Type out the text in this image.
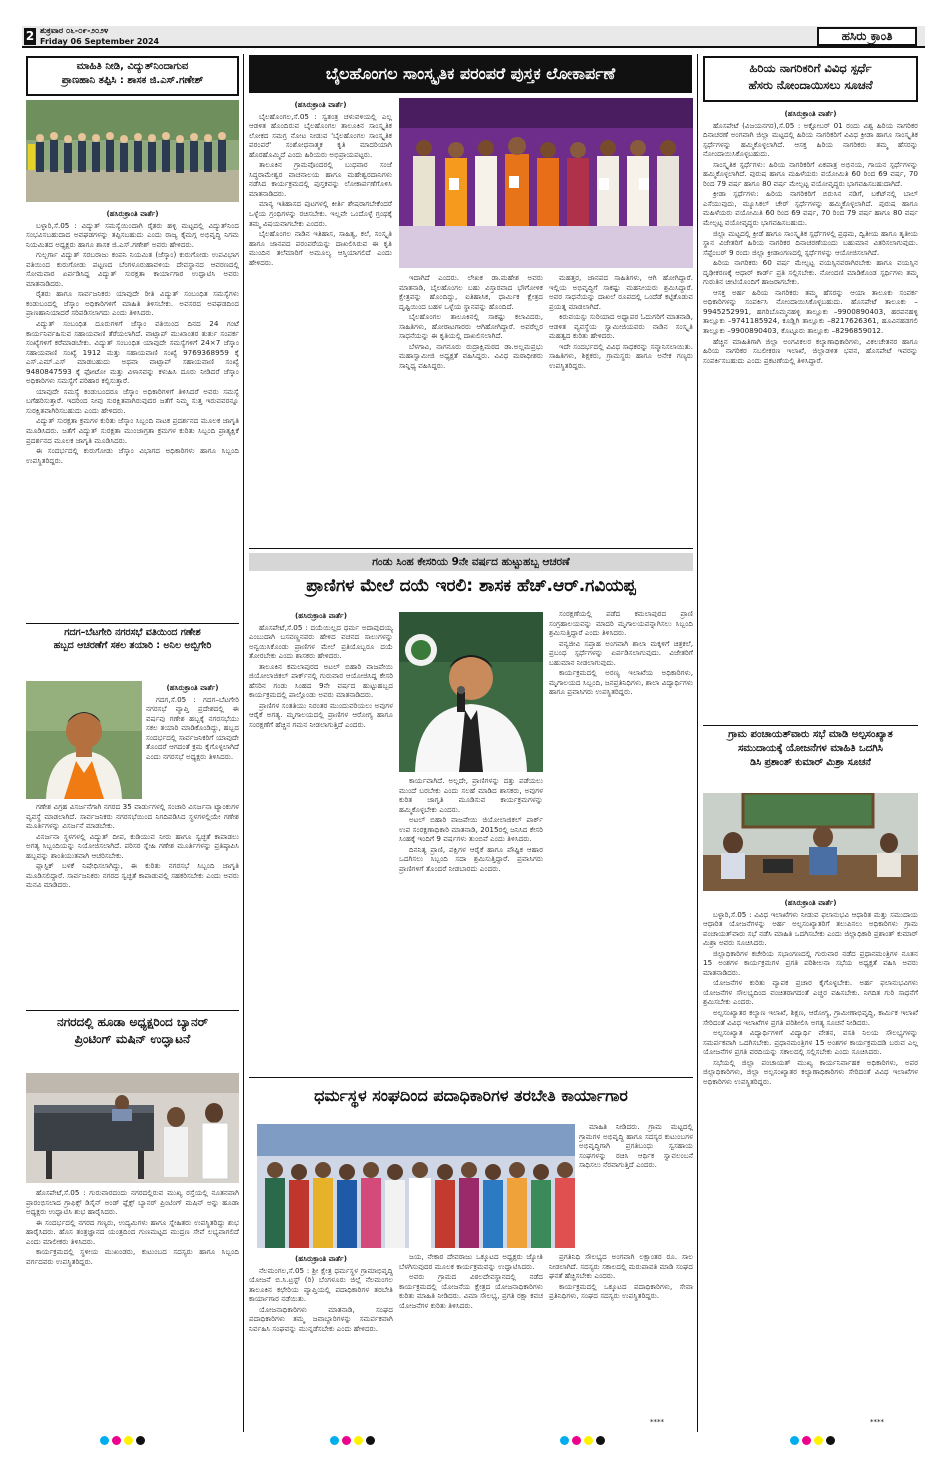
2 ಶುಕ್ರವಾರ ೦೬-೦೯-೨೦೨೪
Friday 06 September 2024	ಹಸಿರು ಕ್ರಾಂತಿ
ಮಾಹಿತಿ ನೀಡಿ, ವಿದ್ಯುತ್‌ನಿಂದಾಗುವ
ಪ್ರಾಣಹಾನಿ ತಪ್ಪಿಸಿ : ಶಾಸಕ ಜಿ.ಎಸ್.ಗಣೇಶ್
(ಹಸಿರುಕ್ರಾಂತಿ ವಾರ್ತೆ)

ಬಳ್ಳಾರಿ,ಸೆ.05 : ವಿದ್ಯುತ್ ಸಮಸ್ಯೆಯಿಂದಾಗಿ ರೈತರು ಹಳ್ಳಿ ಮಟ್ಟದಲ್ಲಿ ವಿದ್ಯುತ್‌ನಿಂದ ಸಂಭವಿಸಬಹುದಾದ ಅವಘಡಗಳನ್ನು ತಪ್ಪಿಸಬಹುದು ಎಂದು ರಾಜ್ಯ ಕೈಮಗ್ಗ ಅಭಿವೃದ್ಧಿ ನಿಗಮ ನಿಯಮಿತದ ಅಧ್ಯಕ್ಷರು ಹಾಗೂ ಶಾಸಕ ಜಿ.ಎಸ್.ಗಣೇಶ್ ಅವರು ಹೇಳಿದರು.

ಗುಲ್ಬರ್ಗಾ ವಿದ್ಯುತ್ ಸರಬರಾಜು ಕಂಪನಿ ನಿಯಮಿತ (ಜೆಸ್ಕಾಂ) ಕುರುಗೋಡು ಉಪವಿಭಾಗ ವತಿಯಿಂದ ಕುರುಗೋಡು ಪಟ್ಟಣದ ಬೆಂಗಳೂರುಹಾವಳಿಯ ದೇವಸ್ಥಾನದ ಆವರಣದಲ್ಲಿ ಸೋಮವಾರ ಏರ್ಪಡಿಸಿದ್ದ ವಿದ್ಯುತ್ ಸುರಕ್ಷತಾ ಕಾರ್ಯಾಗಾರ ಉದ್ಘಾಟಿಸಿ ಅವರು ಮಾತನಾಡಿದರು.

ರೈತರು ಹಾಗೂ ಸಾರ್ವಜನಿಕರು ಯಾವುದೇ ರೀತಿ ವಿದ್ಯುತ್ ಸಂಬಂಧಿತ ಸಮಸ್ಯೆಗಳು ಕಂಡುಬಂದಲ್ಲಿ ಜೆಸ್ಕಾಂ ಅಧಿಕಾರಿಗಳಿಗೆ ಮಾಹಿತಿ ತಿಳಿಸಬೇಕು. ಅವಸರದ ಅವಘಡದಿಂದ ಪ್ರಾಣಹಾನಿಯಾದರೆ ಸರಿಪಡಿಸಲಾಗದು ಎಂದು ತಿಳಿಸಿದರು.

ವಿದ್ಯುತ್ ಸಂಬಂಧಿತ ದೂರುಗಳಿಗೆ ಜೆಸ್ಕಾಂ ವತಿಯಿಂದ ದಿನದ 24 ಗಂಟೆ ಕಾರ್ಯನಿರ್ವಹಿಸುವ ಸಹಾಯವಾಣಿ ತೆರೆಯಲಾಗಿದೆ. ವಾಟ್ಸಾಪ್ ಮುಖಾಂತರ ತುರ್ತು ಸಂಪರ್ಕ ಸಂಖ್ಯೆಗಳಿಗೆ ಕರೆಮಾಡಬೇಕು. ವಿದ್ಯುತ್ ಸಂಬಂಧಿತ ಯಾವುದೇ ಸಮಸ್ಯೆಗಳಿಗೆ 24×7 ಜೆಸ್ಕಾಂ ಸಹಾಯವಾಣಿ ಸಂಖ್ಯೆ 1912 ಮತ್ತು ಸಹಾಯವಾಣಿ ಸಂಖ್ಯೆ 9769368959 ಕ್ಕೆ ಎಸ್.ಎಮ್.ಎಸ್ ಮಾಡಬಹುದು ಅಥವಾ ವಾಟ್ಸಾಪ್ ಸಹಾಯವಾಣಿ ಸಂಖ್ಯೆ 9480847593 ಕ್ಕೆ ಫೋಟೋ ಮತ್ತು ವಿಳಾಸವನ್ನು ಕಳುಹಿಸಿ ದೂರು ನೀಡಿದರೆ ಜೆಸ್ಕಾಂ ಅಧಿಕಾರಿಗಳು ಸಮಸ್ಯೆಗೆ ಪರಿಹಾರ ಕಲ್ಪಿಸುತ್ತಾರೆ.

ಯಾವುದೇ ಸಮಸ್ಯೆ ಕಂಡುಬಂದರೂ ಜೆಸ್ಕಾಂ ಅಧಿಕಾರಿಗಳಿಗೆ ತಿಳಿಸಿದರೆ ಅವರು ಸಮಸ್ಯೆ ಬಗೆಹರಿಸುತ್ತಾರೆ. ಇದರಿಂದ ನೀವು ಸುರಕ್ಷಿತವಾಗಿರುವುದರ ಜತೆಗೆ ನಿಮ್ಮ ಸುತ್ತ ಇರುವವರನ್ನೂ ಸುರಕ್ಷಿತವಾಗಿರಿಸಬಹುದು ಎಂದು ಹೇಳಿದರು.

ವಿದ್ಯುತ್ ಸುರಕ್ಷತಾ ಕ್ರಮಗಳ ಕುರಿತು ಜೆಸ್ಕಾಂ ಸಿಬ್ಬಂದಿ ನಾಟಕ ಪ್ರದರ್ಶನದ ಮೂಲಕ ಜಾಗೃತಿ ಮೂಡಿಸಿದರು. ಜತೆಗೆ ವಿದ್ಯುತ್ ಸುರಕ್ಷತಾ ಮುಂಜಾಗ್ರತಾ ಕ್ರಮಗಳ ಕುರಿತು ಸಿಬ್ಬಂದಿ ಪ್ರಾತ್ಯಕ್ಷಿಕೆ ಪ್ರದರ್ಶನದ ಮೂಲಕ ಜಾಗೃತಿ ಮೂಡಿಸಿದರು.

ಈ ಸಂದರ್ಭದಲ್ಲಿ ಕುರುಗೋಡು ಜೆಸ್ಕಾಂ ವಿಭಾಗದ ಅಧಿಕಾರಿಗಳು ಹಾಗೂ ಸಿಬ್ಬಂದಿ ಉಪಸ್ಥಿತರಿದ್ದರು.

ಗದಗ–ಬೆಟಗೇರಿ ನಗರಸಭೆ ವತಿಯಿಂದ ಗಣೇಶ
ಹಬ್ಬದ ಆಚರಣೆಗೆ ಸಕಲ ತಯಾರಿ : ಅನಿಲ ಅಬ್ಬಿಗೇರಿ
(ಹಸಿರುಕ್ರಾಂತಿ ವಾರ್ತೆ)

ಗದಗ,ಸೆ.05 : ಗದಗ–ಬೆಟಗೇರಿ ನಗರಸಭೆ ವ್ಯಾಪ್ತಿ ಪ್ರದೇಶದಲ್ಲಿ ಈ ವರ್ಷವು ಗಣೇಶ ಹಬ್ಬಕ್ಕೆ ನಗರಸಭೆಯು ಸಕಲ ತಯಾರಿ ಮಾಡಿಕೊಂಡಿದ್ದು, ಹಬ್ಬದ ಸಂದರ್ಭದಲ್ಲಿ ಸಾರ್ವಜನಿಕರಿಗೆ ಯಾವುದೇ ತೊಂದರೆ ಆಗದಂತೆ ಕ್ರಮ ಕೈಗೊಳ್ಳಲಾಗಿದೆ ಎಂದು ನಗರಸಭೆ ಅಧ್ಯಕ್ಷರು ತಿಳಿಸಿದರು.

ಗಣೇಶ ವಿಗ್ರಹ ವಿಸರ್ಜನೆಗಾಗಿ ನಗರದ 35 ವಾರ್ಡುಗಳಲ್ಲಿ ಸಂಚಾರಿ ವಿಸರ್ಜನಾ ಟ್ಯಾಂಕುಗಳ ವ್ಯವಸ್ಥೆ ಮಾಡಲಾಗಿದೆ. ಸಾರ್ವಜನಿಕರು ನಗರಸಭೆಯಿಂದ ನಿಗದಿಪಡಿಸಿದ ಸ್ಥಳಗಳಲ್ಲಿಯೇ ಗಣೇಶ ಮೂರ್ತಿಗಳನ್ನು ವಿಸರ್ಜನೆ ಮಾಡಬೇಕು.

ವಿಸರ್ಜನಾ ಸ್ಥಳಗಳಲ್ಲಿ ವಿದ್ಯುತ್ ದೀಪ, ಕುಡಿಯುವ ನೀರು ಹಾಗೂ ಸ್ವಚ್ಛತೆ ಕಾಪಾಡಲು ಅಗತ್ಯ ಸಿಬ್ಬಂದಿಯನ್ನು ನಿಯೋಜಿಸಲಾಗಿದೆ. ಪರಿಸರ ಸ್ನೇಹಿ ಗಣೇಶ ಮೂರ್ತಿಗಳನ್ನು ಪ್ರತಿಷ್ಠಾಪಿಸಿ ಹಬ್ಬವನ್ನು ಶಾಂತಿಯುತವಾಗಿ ಆಚರಿಸಬೇಕು.

ಪ್ಲಾಸ್ಟಿಕ್ ಬಳಕೆ ನಿಷೇಧಿಸಲಾಗಿದ್ದು, ಈ ಕುರಿತು ನಗರಸಭೆ ಸಿಬ್ಬಂದಿ ಜಾಗೃತಿ ಮೂಡಿಸಲಿದ್ದಾರೆ. ಸಾರ್ವಜನಿಕರು ನಗರದ ಸ್ವಚ್ಛತೆ ಕಾಪಾಡುವಲ್ಲಿ ಸಹಕರಿಸಬೇಕು ಎಂದು ಅವರು ಮನವಿ ಮಾಡಿದರು.

ನಗರದಲ್ಲಿ ಹೂಡಾ ಅಧ್ಯಕ್ಷರಿಂದ ಬ್ಯಾನರ್
ಪ್ರಿಂಟಿಂಗ್ ಮಷಿನ್ ಉದ್ಘಾಟನೆ

ಹೊಸಪೇಟೆ,ಸೆ.05 : ಗುರುವಾರದಂದು ನಗರದಲ್ಲಿರುವ ಮುಖ್ಯ ರಸ್ತೆಯಲ್ಲಿ ನೂತನವಾಗಿ ಪ್ರಾರಂಭಿಸಲಾದ ಗ್ರಾಫಿಕ್ಸ್ ಡಿಸೈನ್ ಅಂಡ್ ಫ್ಲೆಕ್ಸ್ ಬ್ಯಾನರ್ ಪ್ರಿಂಟಿಂಗ್ ಮಷಿನ್ ಅನ್ನು ಹೂಡಾ ಅಧ್ಯಕ್ಷರು ಉದ್ಘಾಟಿಸಿ ಶುಭ ಹಾರೈಸಿದರು.

ಈ ಸಂದರ್ಭದಲ್ಲಿ ನಗರದ ಗಣ್ಯರು, ಉದ್ಯಮಿಗಳು ಹಾಗೂ ಸ್ನೇಹಿತರು ಉಪಸ್ಥಿತರಿದ್ದು ಶುಭ ಹಾರೈಸಿದರು. ಹೊಸ ತಂತ್ರಜ್ಞಾನದ ಯಂತ್ರದಿಂದ ಗುಣಮಟ್ಟದ ಮುದ್ರಣ ಸೇವೆ ಲಭ್ಯವಾಗಲಿದೆ ಎಂದು ಮಾಲೀಕರು ತಿಳಿಸಿದರು.

ಕಾರ್ಯಕ್ರಮದಲ್ಲಿ ಸ್ಥಳೀಯ ಮುಖಂಡರು, ಕುಟುಂಬದ ಸದಸ್ಯರು ಹಾಗೂ ಸಿಬ್ಬಂದಿ ವರ್ಗದವರು ಉಪಸ್ಥಿತರಿದ್ದರು.

ಬೈಲಹೊಂಗಲ ಸಾಂಸ್ಕೃತಿಕ ಪರಂಪರೆ ಪುಸ್ತಕ ಲೋಕಾರ್ಪಣೆ
(ಹಸಿರುಕ್ರಾಂತಿ ವಾರ್ತೆ)

ಬೈಲಹೊಂಗಲ,ಸೆ.05 : ಸ್ವತಂತ್ರ ಚಳುವಳಿಯಲ್ಲಿ ಎಲ್ಲ ಆಡಳಿತ ಹೊಂದಿರುವ ಬೈಲಹೊಂಗಲ ತಾಲೂಕಿನ ಸಾಂಸ್ಕೃತಿಕ ಲೋಕದ ಸಮಗ್ರ ನೋಟ ನೀಡುವ 'ಬೈಲಹೊಂಗಲ ಸಾಂಸ್ಕೃತಿಕ ಪರಂಪರೆ' ಸಂಶೋಧನಾತ್ಮಕ ಕೃತಿ ಮಾದರಿಯಾಗಿ ಹೊರಹೊಮ್ಮಿದೆ ಎಂದು ಹಿರಿಯರು ಅಭಿಪ್ರಾಯಪಟ್ಟರು.

ತಾಲೂಕಿನ ಗ್ರಾಮವೊಂದರಲ್ಲಿ ಬುಧವಾರ ಸಂಜೆ ಸಿದ್ಧರಾಮೇಶ್ವರ ವಾಚನಾಲಯ ಹಾಗೂ ಮಹೇಶ್ವರದಾನಿಗಳು ನಡೆಸಿದ ಕಾರ್ಯಕ್ರಮದಲ್ಲಿ ಪುಸ್ತಕವನ್ನು ಲೋಕಾರ್ಪಣೆಗೊಳಿಸಿ ಮಾತನಾಡಿದರು.

ಮಾನ್ಯ ಇತಿಹಾಸದ ಪುಟಗಳಲ್ಲಿ ಕೀರ್ತಿ ಶೇಷರಾಗಬೇಕೆಂದರೆ ಒಳ್ಳೆಯ ಗ್ರಂಥಿಗಳನ್ನು ರಚಿಸಬೇಕು. ಇಲ್ಲವೇ ಒಂದೊಳ್ಳೆ ಗ್ರಂಥಕ್ಕೆ ತಮ್ಮ ವಿಷಯವಾಗಬೇಕು ಎಂದರು.

ಬೈಲಹೊಂಗಲ ನಾಡಿನ ಇತಿಹಾಸ, ಸಾಹಿತ್ಯ, ಕಲೆ, ಸಂಸ್ಕೃತಿ ಹಾಗೂ ಜಾನಪದ ಪರಂಪರೆಯನ್ನು ದಾಖಲಿಸಿರುವ ಈ ಕೃತಿ ಮುಂದಿನ ತಲೆಮಾರಿಗೆ ಅಮೂಲ್ಯ ಆಸ್ತಿಯಾಗಲಿದೆ ಎಂದು ಹೇಳಿದರು.

ಇದಾಗಿದೆ ಎಂದರು. ಲೇಖಕ ಡಾ.ಮಹೇಶ ಅವರು ಮಾತನಾಡಿ, ಬೈಲಹೊಂಗಲ ಬಹು ವಿಸ್ತಾರವಾದ ಭೌಗೋಳಿಕ ಕ್ಷೇತ್ರವನ್ನು ಹೊಂದಿದ್ದು, ಐತಿಹಾಸಿಕ, ಧಾರ್ಮಿಕ ಕ್ಷೇತ್ರದ ದೃಷ್ಟಿಯಿಂದ ಬಹಳ ಒಳ್ಳೆಯ ಸ್ಥಾನವನ್ನು ಹೊಂದಿದೆ.

ಬೈಲಹೊಂಗಲ ತಾಲೂಕಿನಲ್ಲಿ ಸಾಕಷ್ಟು ಕಲಾವಿದರು, ಸಾಹಿತಿಗಳು, ಹೋರಾಟಗಾರರು ಆಗಿಹೋಗಿದ್ದಾರೆ. ಅವರೆಲ್ಲರ ಸಾಧನೆಯನ್ನು ಈ ಕೃತಿಯಲ್ಲಿ ದಾಖಲಿಸಲಾಗಿದೆ.

ಬೆಳಗಾವಿ, ನಾಗನೂರು ರುದ್ರಾಕ್ಷಿಮಠದ ಡಾ.ಅಲ್ಲಮಪ್ರಭು ಮಹಾಸ್ವಾಮೀಜಿ ಅಧ್ಯಕ್ಷತೆ ವಹಿಸಿದ್ದರು. ವಿವಿಧ ಮಠಾಧೀಶರು ಸಾನ್ನಿಧ್ಯ ವಹಿಸಿದ್ದರು.

ಮಹತ್ತರ, ಜಾನಪದ ಸಾಹಿತಿಗಳು, ಆಗಿ ಹೋಗಿದ್ದಾರೆ. ಇಲ್ಲಿಯ ಅಭಿವೃದ್ಧಿಗೆ ಸಾಕಷ್ಟು ಮಹನೀಯರು ಶ್ರಮಿಸಿದ್ದಾರೆ. ಅವರ ಸಾಧನೆಯನ್ನು ದಾಖಲೆ ರೂಪದಲ್ಲಿ ಒಂದೆಡೆ ಕಟ್ಟಿಕೊಡುವ ಪ್ರಯತ್ನ ಮಾಡಲಾಗಿದೆ.

ಕಿರುವಯಸ್ಸು ಸುರಿಯಾದ ಅಧ್ಯಾಪರ ಓದುಗರಿಗೆ ಮಾತನಾಡಿ, ಆಡಳಿತ ವ್ಯವಸ್ಥೆಯ ಸ್ವಾಮೀಜಿಯವರು ನಾಡಿನ ಸಂಸ್ಕೃತಿ ಮಹತ್ವದ ಕುರಿತು ಹೇಳಿದರು.

ಇದೇ ಸಂದರ್ಭದಲ್ಲಿ ವಿವಿಧ ಸಾಧಕರನ್ನು ಸನ್ಮಾನಿಸಲಾಯಿತು. ಸಾಹಿತಿಗಳು, ಶಿಕ್ಷಕರು, ಗ್ರಾಮಸ್ಥರು ಹಾಗೂ ಅನೇಕ ಗಣ್ಯರು ಉಪಸ್ಥಿತರಿದ್ದರು.

ಗಂಡು ಸಿಂಹ ಕೇಸರಿಯ 9ನೇ ವರ್ಷದ ಹುಟ್ಟುಹಬ್ಬ ಆಚರಣೆ
ಪ್ರಾಣಿಗಳ ಮೇಲೆ ದಯೆ ಇರಲಿ: ಶಾಸಕ ಹೆಚ್.ಆರ್.ಗವಿಯಪ್ಪ
(ಹಸಿರುಕ್ರಾಂತಿ ವಾರ್ತೆ)

ಹೊಸಪೇಟೆ,ಸೆ.05 : ದಯೆಯಿಲ್ಲದ ಧರ್ಮ ಅದಾವುದಯ್ಯ ಎಂಬುದಾಗಿ ಬಸವಣ್ಣನವರು ಹೇಳಿದ ವಚನದ ಸಾಲುಗಳನ್ನು ಅನ್ವಯಿಸಿಕೊಂಡು ಪ್ರಾಣಿಗಳ ಮೇಲೆ ಪ್ರತಿಯೊಬ್ಬರೂ ದಯೆ ತೋರಬೇಕು ಎಂದು ಶಾಸಕರು ಹೇಳಿದರು.

ತಾಲೂಕಿನ ಕಮಲಾಪುರದ ಅಟಲ್ ಬಿಹಾರಿ ವಾಜಪೇಯಿ ಜಿಯೋಲಾಜಿಕಲ್ ಪಾರ್ಕ್‌ನಲ್ಲಿ ಗುರುವಾರ ಆಯೋಜಿಸಿದ್ದ ಕೇಸರಿ ಹೆಸರಿನ ಗಂಡು ಸಿಂಹದ 9ನೇ ವರ್ಷದ ಹುಟ್ಟುಹಬ್ಬದ ಕಾರ್ಯಕ್ರಮದಲ್ಲಿ ಪಾಲ್ಗೊಂಡು ಅವರು ಮಾತನಾಡಿದರು.

ಪ್ರಾಣಿಗಳ ಸಂತತಿಯು ನಿರಂತರ ಮುಂದುವರಿಯಲು ಅವುಗಳ ಆರೈಕೆ ಅಗತ್ಯ. ಮೃಗಾಲಯದಲ್ಲಿ ಪ್ರಾಣಿಗಳ ಆರೋಗ್ಯ ಹಾಗೂ ಸಂರಕ್ಷಣೆಗೆ ಹೆಚ್ಚಿನ ಗಮನ ನೀಡಲಾಗುತ್ತಿದೆ ಎಂದರು.

ಕಾರ್ಯವಾಗಿದೆ. ಅಲ್ಲದೇ, ಪ್ರಾಣಿಗಳನ್ನು ದತ್ತು ಪಡೆಯಲು ಮುಂದೆ ಬರಬೇಕು ಎಂದು ಸಲಹೆ ಮಾಡಿದ ಶಾಸಕರು, ಅವುಗಳ ಕುರಿತ ಜಾಗೃತಿ ಮೂಡಿಸುವ ಕಾರ್ಯಕ್ರಮಗಳನ್ನು ಹಮ್ಮಿಕೊಳ್ಳಬೇಕು ಎಂದರು.

ಅಟಲ್ ಬಿಹಾರಿ ವಾಜಪೇಯಿ ಜಿಯೋಲಾಜಿಕಲ್ ಪಾರ್ಕ್ ಉಪ ಸಂರಕ್ಷಣಾಧಿಕಾರಿ ಮಾತನಾಡಿ, 2015ರಲ್ಲಿ ಜನಿಸಿದ ಕೇಸರಿ ಸಿಂಹಕ್ಕೆ ಇಂದಿಗೆ 9 ವರ್ಷಗಳು ತುಂಬಿವೆ ಎಂದು ತಿಳಿಸಿದರು.

ದಿನನಿತ್ಯ ಪ್ರಾಣಿ, ಪಕ್ಷಿಗಳ ಆರೈಕೆ ಹಾಗೂ ಪೌಷ್ಟಿಕ ಆಹಾರ ಒದಗಿಸಲು ಸಿಬ್ಬಂದಿ ಸದಾ ಶ್ರಮಿಸುತ್ತಿದ್ದಾರೆ. ಪ್ರವಾಸಿಗರು ಪ್ರಾಣಿಗಳಿಗೆ ತೊಂದರೆ ನೀಡಬಾರದು ಎಂದರು.

ಸಂರಕ್ಷಣೆಯಲ್ಲಿ ಪಡೆದ ಕಮಲಾಪುರದ ಪ್ರಾಣಿ ಸಂಗ್ರಹಾಲಯವನ್ನು ಮಾದರಿ ಮೃಗಾಲಯವನ್ನಾಗಿಸಲು ಸಿಬ್ಬಂದಿ ಶ್ರಮಿಸುತ್ತಿದ್ದಾರೆ ಎಂದು ತಿಳಿಸಿದರು.

ವನ್ಯಜೀವಿ ಸಪ್ತಾಹ ಅಂಗವಾಗಿ ಶಾಲಾ ಮಕ್ಕಳಿಗೆ ಚಿತ್ರಕಲೆ, ಪ್ರಬಂಧ ಸ್ಪರ್ಧೆಗಳನ್ನು ಏರ್ಪಡಿಸಲಾಗುವುದು. ವಿಜೇತರಿಗೆ ಬಹುಮಾನ ನೀಡಲಾಗುವುದು.

ಕಾರ್ಯಕ್ರಮದಲ್ಲಿ ಅರಣ್ಯ ಇಲಾಖೆಯ ಅಧಿಕಾರಿಗಳು, ಮೃಗಾಲಯದ ಸಿಬ್ಬಂದಿ, ಜನಪ್ರತಿನಿಧಿಗಳು, ಶಾಲಾ ವಿದ್ಯಾರ್ಥಿಗಳು ಹಾಗೂ ಪ್ರವಾಸಿಗರು ಉಪಸ್ಥಿತರಿದ್ದರು.

ಧರ್ಮಸ್ಥಳ ಸಂಘದಿಂದ ಪದಾಧಿಕಾರಿಗಳ ತರಬೇತಿ ಕಾರ್ಯಾಗಾರ

ಮಾಹಿತಿ ನೀಡಿದರು. ಗ್ರಾಮ ಮಟ್ಟದಲ್ಲಿ ಗ್ರಾಮಗಳ ಅಭಿವೃದ್ಧಿ ಹಾಗೂ ಸದಸ್ಯರ ಕುಟುಂಬಗಳ ಅಭಿವೃದ್ಧಿಗಾಗಿ ಪ್ರಗತಿಬಂಧು ಸ್ವಸಹಾಯ ಸಂಘಗಳನ್ನು ರಚಿಸಿ ಆರ್ಥಿಕ ಸ್ವಾವಲಂಬನೆ ಸಾಧಿಸಲು ನೆರವಾಗುತ್ತಿದೆ ಎಂದರು.

(ಹಸಿರುಕ್ರಾಂತಿ ವಾರ್ತೆ)

ನೆಲಮಂಗಲ,ಸೆ.05 : ಶ್ರೀ ಕ್ಷೇತ್ರ ಧರ್ಮಸ್ಥಳ ಗ್ರಾಮಾಭಿವೃದ್ಧಿ ಯೋಜನೆ ಬಿ.ಸಿ.ಟ್ರಸ್ಟ್ (ರಿ) ಬೆಂಗಳೂರು ಜಿಲ್ಲೆ ನೆಲಮಂಗಲ ತಾಲೂಕಿನ ಕಛೇರಿಯ ವ್ಯಾಪ್ತಿಯಲ್ಲಿ ಪದಾಧಿಕಾರಿಗಳ ತರಬೇತಿ ಕಾರ್ಯಾಗಾರ ನಡೆಯಿತು.

ಯೋಜನಾಧಿಕಾರಿಗಳು ಮಾತನಾಡಿ, ಸಂಘದ ಪದಾಧಿಕಾರಿಗಳು ತಮ್ಮ ಜವಾಬ್ದಾರಿಗಳನ್ನು ಸಮರ್ಪಕವಾಗಿ ನಿರ್ವಹಿಸಿ ಸಂಘವನ್ನು ಮುನ್ನಡೆಸಬೇಕು ಎಂದು ಹೇಳಿದರು.

ಜಯ, ನೇಕಾರ ದೇವರಾಜು ಒಕ್ಕೂಟದ ಅಧ್ಯಕ್ಷರು ಜ್ಯೋತಿ ಬೆಳಗಿಸುವುದರ ಮೂಲಕ ಕಾರ್ಯಕ್ರಮವನ್ನು ಉದ್ಘಾಟಿಸಿದರು.

ಅವರು ಗ್ರಾಮದ ವಿಠಲದೇವಸ್ಥಾನದಲ್ಲಿ ನಡೆದ ಕಾರ್ಯಕ್ರಮದಲ್ಲಿ ಯೋಜನೆಯ ಕ್ಷೇತ್ರದ ಯೋಜನಾಧಿಕಾರಿಗಳು ಕುರಿತು ಮಾಹಿತಿ ನೀಡಿದರು. ವಿಮಾ ಸೌಲಭ್ಯ, ಪ್ರಗತಿ ರಕ್ಷಾ ಕವಚ ಯೋಜನೆಗಳ ಕುರಿತು ತಿಳಿಸಿದರು.

ಪ್ರಗತಿನಿಧಿ ಸೌಲಭ್ಯದ ಅಂಗವಾಗಿ ಲಕ್ಷಾಂತರ ರೂ. ಸಾಲ ನೀಡಲಾಗಿದೆ. ಸದಸ್ಯರು ಸಕಾಲದಲ್ಲಿ ಮರುಪಾವತಿ ಮಾಡಿ ಸಂಘದ ಘನತೆ ಹೆಚ್ಚಿಸಬೇಕು ಎಂದರು.

ಕಾರ್ಯಕ್ರಮದಲ್ಲಿ ಒಕ್ಕೂಟದ ಪದಾಧಿಕಾರಿಗಳು, ಸೇವಾ ಪ್ರತಿನಿಧಿಗಳು, ಸಂಘದ ಸದಸ್ಯರು ಉಪಸ್ಥಿತರಿದ್ದರು.

****
ಹಿರಿಯ ನಾಗರಿಕರಿಗೆ ವಿವಿಧ ಸ್ಪರ್ಧೆ
ಹೆಸರು ನೋಂದಾಯಿಸಲು ಸೂಚನೆ
(ಹಸಿರುಕ್ರಾಂತಿ ವಾರ್ತೆ)

ಹೊಸಪೇಟೆ (ವಿಜಯನಗರ),ಸೆ.05 : ಅಕ್ಟೋಬರ್ 01 ರಂದು ವಿಶ್ವ ಹಿರಿಯ ನಾಗರಿಕರ ದಿನಾಚರಣೆ ಅಂಗವಾಗಿ ಜಿಲ್ಲಾ ಮಟ್ಟದಲ್ಲಿ ಹಿರಿಯ ನಾಗರಿಕರಿಗೆ ವಿವಿಧ ಕ್ರೀಡಾ ಹಾಗೂ ಸಾಂಸ್ಕೃತಿಕ ಸ್ಪರ್ಧೆಗಳನ್ನು ಹಮ್ಮಿಕೊಳ್ಳಲಾಗಿದೆ. ಆಸಕ್ತ ಹಿರಿಯ ನಾಗರಿಕರು ತಮ್ಮ ಹೆಸರನ್ನು ನೋಂದಾಯಿಸಿಕೊಳ್ಳಬಹುದು.

ಸಾಂಸ್ಕೃತಿಕ ಸ್ಪರ್ಧೆಗಳು: ಹಿರಿಯ ನಾಗರಿಕರಿಗೆ ಏಕಪಾತ್ರ ಅಭಿನಯ, ಗಾಯನ ಸ್ಪರ್ಧೆಗಳನ್ನು ಹಮ್ಮಿಕೊಳ್ಳಲಾಗಿದೆ. ಪುರುಷ ಹಾಗೂ ಮಹಿಳೆಯರು ವಯೋಮಿತಿ 60 ರಿಂದ 69 ವರ್ಷ, 70 ರಿಂದ 79 ವರ್ಷ ಹಾಗೂ 80 ವರ್ಷ ಮೇಲ್ಪಟ್ಟ ವಯೋವೃದ್ಧರು ಭಾಗವಹಿಸಬಹುದಾಗಿದೆ.

ಕ್ರೀಡಾ ಸ್ಪರ್ಧೆಗಳು: ಹಿರಿಯ ನಾಗರಿಕರಿಗೆ ಬಿರುಸಿನ ನಡಿಗೆ, ಬಕೆಟ್‌ನಲ್ಲಿ ಬಾಲ್ ಎಸೆಯುವುದು, ಮ್ಯೂಸಿಕಲ್ ಚೇರ್ ಸ್ಪರ್ಧೆಗಳನ್ನು ಹಮ್ಮಿಕೊಳ್ಳಲಾಗಿದೆ. ಪುರುಷ ಹಾಗೂ ಮಹಿಳೆಯರು ವಯೋಮಿತಿ 60 ರಿಂದ 69 ವರ್ಷ, 70 ರಿಂದ 79 ವರ್ಷ ಹಾಗೂ 80 ವರ್ಷ ಮೇಲ್ಪಟ್ಟ ವಯೋವೃದ್ಧರು ಭಾಗವಹಿಸಬಹುದು.

ಜಿಲ್ಲಾ ಮಟ್ಟದಲ್ಲಿ ಕ್ರೀಡೆ ಹಾಗೂ ಸಾಂಸ್ಕೃತಿಕ ಸ್ಪರ್ಧೆಗಳಲ್ಲಿ ಪ್ರಥಮ, ದ್ವಿತೀಯ ಹಾಗೂ ತೃತೀಯ ಸ್ಥಾನ ವಿಜೇತರಿಗೆ ಹಿರಿಯ ನಾಗರಿಕರ ದಿನಾಚರಣೆಯಂದು ಬಹುಮಾನ ವಿತರಿಸಲಾಗುವುದು. ಸೆಪ್ಟೆಂಬರ್ 9 ರಂದು ಜಿಲ್ಲಾ ಕ್ರೀಡಾಂಗಣದಲ್ಲಿ ಸ್ಪರ್ಧೆಗಳನ್ನು ಆಯೋಜಿಸಲಾಗಿದೆ.

ಹಿರಿಯ ನಾಗರಿಕರು 60 ವರ್ಷ ಮೇಲ್ಪಟ್ಟ ವಯಸ್ಸಿನವರಾಗಿರಬೇಕು ಹಾಗೂ ವಯಸ್ಸಿನ ದೃಢೀಕರಣಕ್ಕೆ ಆಧಾರ್ ಕಾರ್ಡ್ ಪ್ರತಿ ಸಲ್ಲಿಸಬೇಕು. ನೋಂದಣಿ ಮಾಡಿಕೊಂಡ ಸ್ಪರ್ಧಿಗಳು ತಮ್ಮ ಗುರುತಿನ ಚೀಟಿಯೊಂದಿಗೆ ಹಾಜರಾಗಬೇಕು.

ಆಸಕ್ತ ಅರ್ಹ ಹಿರಿಯ ನಾಗರಿಕರು ತಮ್ಮ ಹೆಸರನ್ನು ಆಯಾ ತಾಲೂಕು ಸಂಪರ್ಕ ಅಧಿಕಾರಿಗಳನ್ನು ಸಂಪರ್ಕಿಸಿ ನೋಂದಾಯಿಸಿಕೊಳ್ಳಬಹುದು. ಹೊಸಪೇಟೆ ತಾಲೂಕು –9945252991, ಹಗರಿಬೊಮ್ಮನಹಳ್ಳಿ ತಾಲ್ಲೂಕು –9900890403, ಹರಪನಹಳ್ಳಿ ತಾಲ್ಲೂಕು –9741185924, ಕೂಡ್ಲಿಗಿ ತಾಲ್ಲೂಕು –8217626361, ಹೂವಿನಹಡಗಲಿ ತಾಲ್ಲೂಕು –9900890403, ಕೊಟ್ಟೂರು ತಾಲ್ಲೂಕು –8296859012.

ಹೆಚ್ಚಿನ ಮಾಹಿತಿಗಾಗಿ ಜಿಲ್ಲಾ ಅಂಗವಿಕಲರ ಕಲ್ಯಾಣಾಧಿಕಾರಿಗಳು, ವಿಕಲಚೇತನರ ಹಾಗೂ ಹಿರಿಯ ನಾಗರಿಕರ ಸಬಲೀಕರಣ ಇಲಾಖೆ, ಜಿಲ್ಲಾಡಳಿತ ಭವನ, ಹೊಸಪೇಟೆ ಇವರನ್ನು ಸಂಪರ್ಕಿಸಬಹುದು ಎಂದು ಪ್ರಕಟಣೆಯಲ್ಲಿ ತಿಳಿಸಿದ್ದಾರೆ.

ಗ್ರಾಮ ಪಂಚಾಯತ್‌ವಾರು ಸಭೆ ಮಾಡಿ ಅಲ್ಪಸಂಖ್ಯಾತ
ಸಮುದಾಯಕ್ಕೆ ಯೋಜನೆಗಳ ಮಾಹಿತಿ ಒದಗಿಸಿ
ಡಿಸಿ ಪ್ರಶಾಂತ್ ಕುಮಾರ್ ಮಿಶ್ರಾ ಸೂಚನೆ
(ಹಸಿರುಕ್ರಾಂತಿ ವಾರ್ತೆ)

ಬಳ್ಳಾರಿ,ಸೆ.05 : ವಿವಿಧ ಇಲಾಖೆಗಳು ನೀಡುವ ಫಲಾನುಭವಿ ಆಧಾರಿತ ಮತ್ತು ಸಮುದಾಯ ಆಧಾರಿತ ಯೋಜನೆಗಳನ್ನು ಅರ್ಹ ಅಲ್ಪಸಂಖ್ಯಾತರಿಗೆ ತಲುಪಿಸಲು ಅಧಿಕಾರಿಗಳು ಗ್ರಾಮ ಪಂಚಾಯತ್‌ವಾರು ಸಭೆ ನಡೆಸಿ ಮಾಹಿತಿ ಒದಗಿಸಬೇಕು ಎಂದು ಜಿಲ್ಲಾಧಿಕಾರಿ ಪ್ರಶಾಂತ್ ಕುಮಾರ್ ಮಿಶ್ರಾ ಅವರು ಸೂಚಿಸಿದರು.

ಜಿಲ್ಲಾಧಿಕಾರಿಗಳ ಕಚೇರಿಯ ಸಭಾಂಗಣದಲ್ಲಿ ಗುರುವಾರ ನಡೆದ ಪ್ರಧಾನಮಂತ್ರಿಗಳ ನೂತನ 15 ಅಂಶಗಳ ಕಾರ್ಯಕ್ರಮಗಳ ಪ್ರಗತಿ ಪರಿಶೀಲನಾ ಸಭೆಯ ಅಧ್ಯಕ್ಷತೆ ವಹಿಸಿ ಅವರು ಮಾತನಾಡಿದರು.

ಯೋಜನೆಗಳ ಕುರಿತು ವ್ಯಾಪಕ ಪ್ರಚಾರ ಕೈಗೊಳ್ಳಬೇಕು. ಅರ್ಹ ಫಲಾನುಭವಿಗಳು ಯೋಜನೆಗಳ ಸೌಲಭ್ಯದಿಂದ ವಂಚಿತರಾಗದಂತೆ ಎಚ್ಚರ ವಹಿಸಬೇಕು. ನಿಗದಿತ ಗುರಿ ಸಾಧನೆಗೆ ಶ್ರಮಿಸಬೇಕು ಎಂದರು.

ಅಲ್ಪಸಂಖ್ಯಾತರ ಕಲ್ಯಾಣ ಇಲಾಖೆ, ಶಿಕ್ಷಣ, ಆರೋಗ್ಯ, ಗ್ರಾಮೀಣಾಭಿವೃದ್ಧಿ, ಕಾರ್ಮಿಕ ಇಲಾಖೆ ಸೇರಿದಂತೆ ವಿವಿಧ ಇಲಾಖೆಗಳ ಪ್ರಗತಿ ಪರಿಶೀಲಿಸಿ ಅಗತ್ಯ ಸೂಚನೆ ನೀಡಿದರು.

ಅಲ್ಪಸಂಖ್ಯಾತ ವಿದ್ಯಾರ್ಥಿಗಳಿಗೆ ವಿದ್ಯಾರ್ಥಿ ವೇತನ, ವಸತಿ ನಿಲಯ ಸೌಲಭ್ಯಗಳನ್ನು ಸಮರ್ಪಕವಾಗಿ ಒದಗಿಸಬೇಕು. ಪ್ರಧಾನಮಂತ್ರಿಗಳ 15 ಅಂಶಗಳ ಕಾರ್ಯಕ್ರಮದಡಿ ಬರುವ ಎಲ್ಲ ಯೋಜನೆಗಳ ಪ್ರಗತಿ ವರದಿಯನ್ನು ಸಕಾಲದಲ್ಲಿ ಸಲ್ಲಿಸಬೇಕು ಎಂದು ಸೂಚಿಸಿದರು.

ಸಭೆಯಲ್ಲಿ ಜಿಲ್ಲಾ ಪಂಚಾಯತ್ ಮುಖ್ಯ ಕಾರ್ಯನಿರ್ವಾಹಕ ಅಧಿಕಾರಿಗಳು, ಅಪರ ಜಿಲ್ಲಾಧಿಕಾರಿಗಳು, ಜಿಲ್ಲಾ ಅಲ್ಪಸಂಖ್ಯಾತರ ಕಲ್ಯಾಣಾಧಿಕಾರಿಗಳು ಸೇರಿದಂತೆ ವಿವಿಧ ಇಲಾಖೆಗಳ ಅಧಿಕಾರಿಗಳು ಉಪಸ್ಥಿತರಿದ್ದರು.

****
